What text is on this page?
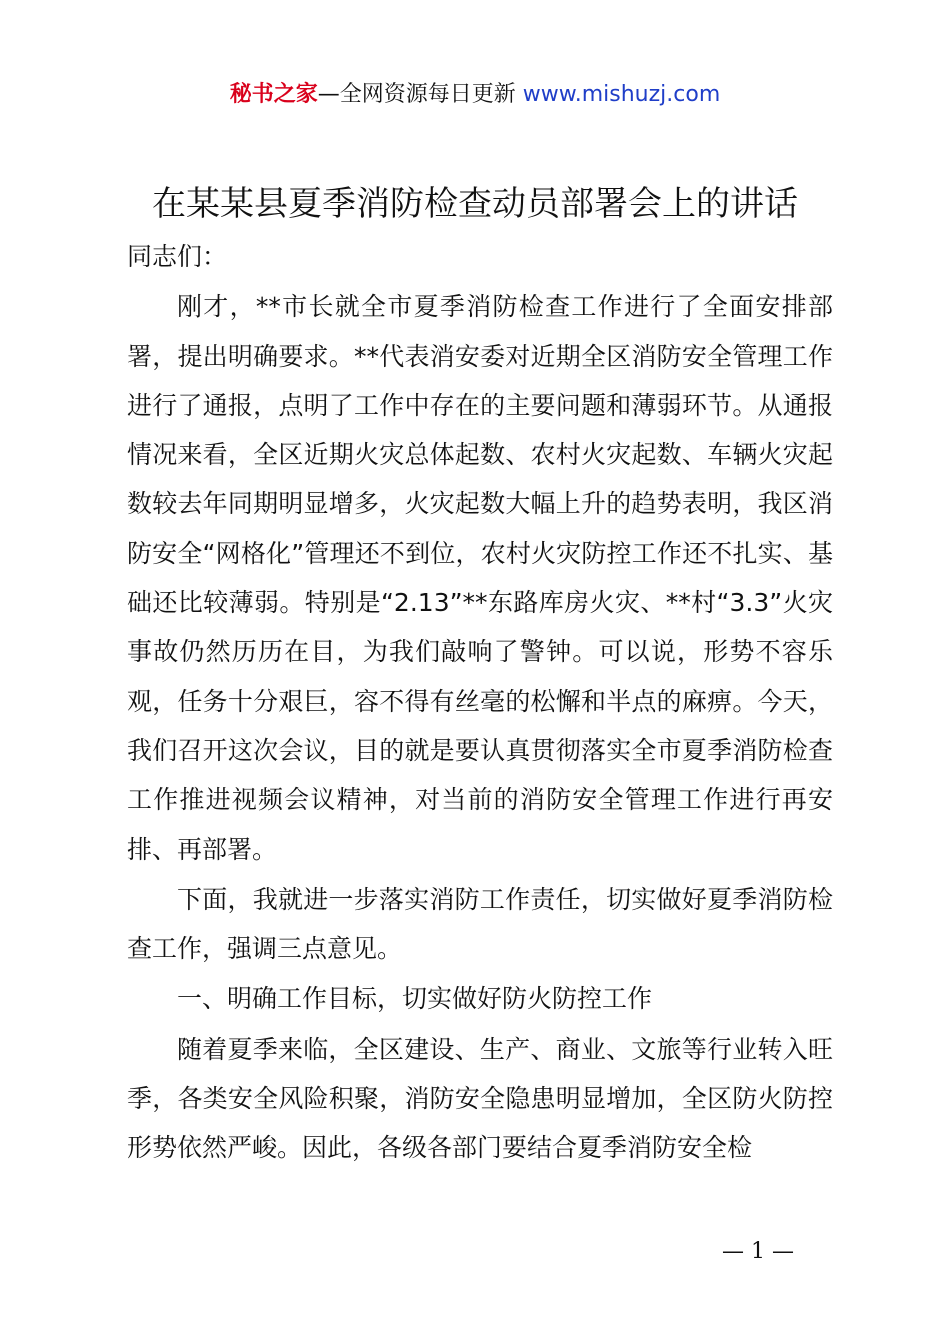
秘书之家—全网资源每日更新 www.mishuzj.com
在某某县夏季消防检查动员部署会上的讲话

同志们：

刚才，**市长就全市夏季消防检查工作进行了全面安排部署，提出明确要求。**代表消安委对近期全区消防安全管理工作进行了通报，点明了工作中存在的主要问题和薄弱环节。从通报情况来看，全区近期火灾总体起数、农村火灾起数、车辆火灾起数较去年同期明显增多，火灾起数大幅上升的趋势表明，我区消防安全“网格化”管理还不到位，农村火灾防控工作还不扎实、基础还比较薄弱。特别是“2.13”**东路库房火灾、**村“3.3”火灾事故仍然历历在目，为我们敲响了警钟。可以说，形势不容乐观，任务十分艰巨，容不得有丝毫的松懈和半点的麻痹。今天，我们召开这次会议，目的就是要认真贯彻落实全市夏季消防检查工作推进视频会议精神，对当前的消防安全管理工作进行再安排、再部署。

下面，我就进一步落实消防工作责任，切实做好夏季消防检查工作，强调三点意见。

一、明确工作目标，切实做好防火防控工作

随着夏季来临，全区建设、生产、商业、文旅等行业转入旺季，各类安全风险积聚，消防安全隐患明显增加，全区防火防控形势依然严峻。因此，各级各部门要结合夏季消防安全检

— 1 —
